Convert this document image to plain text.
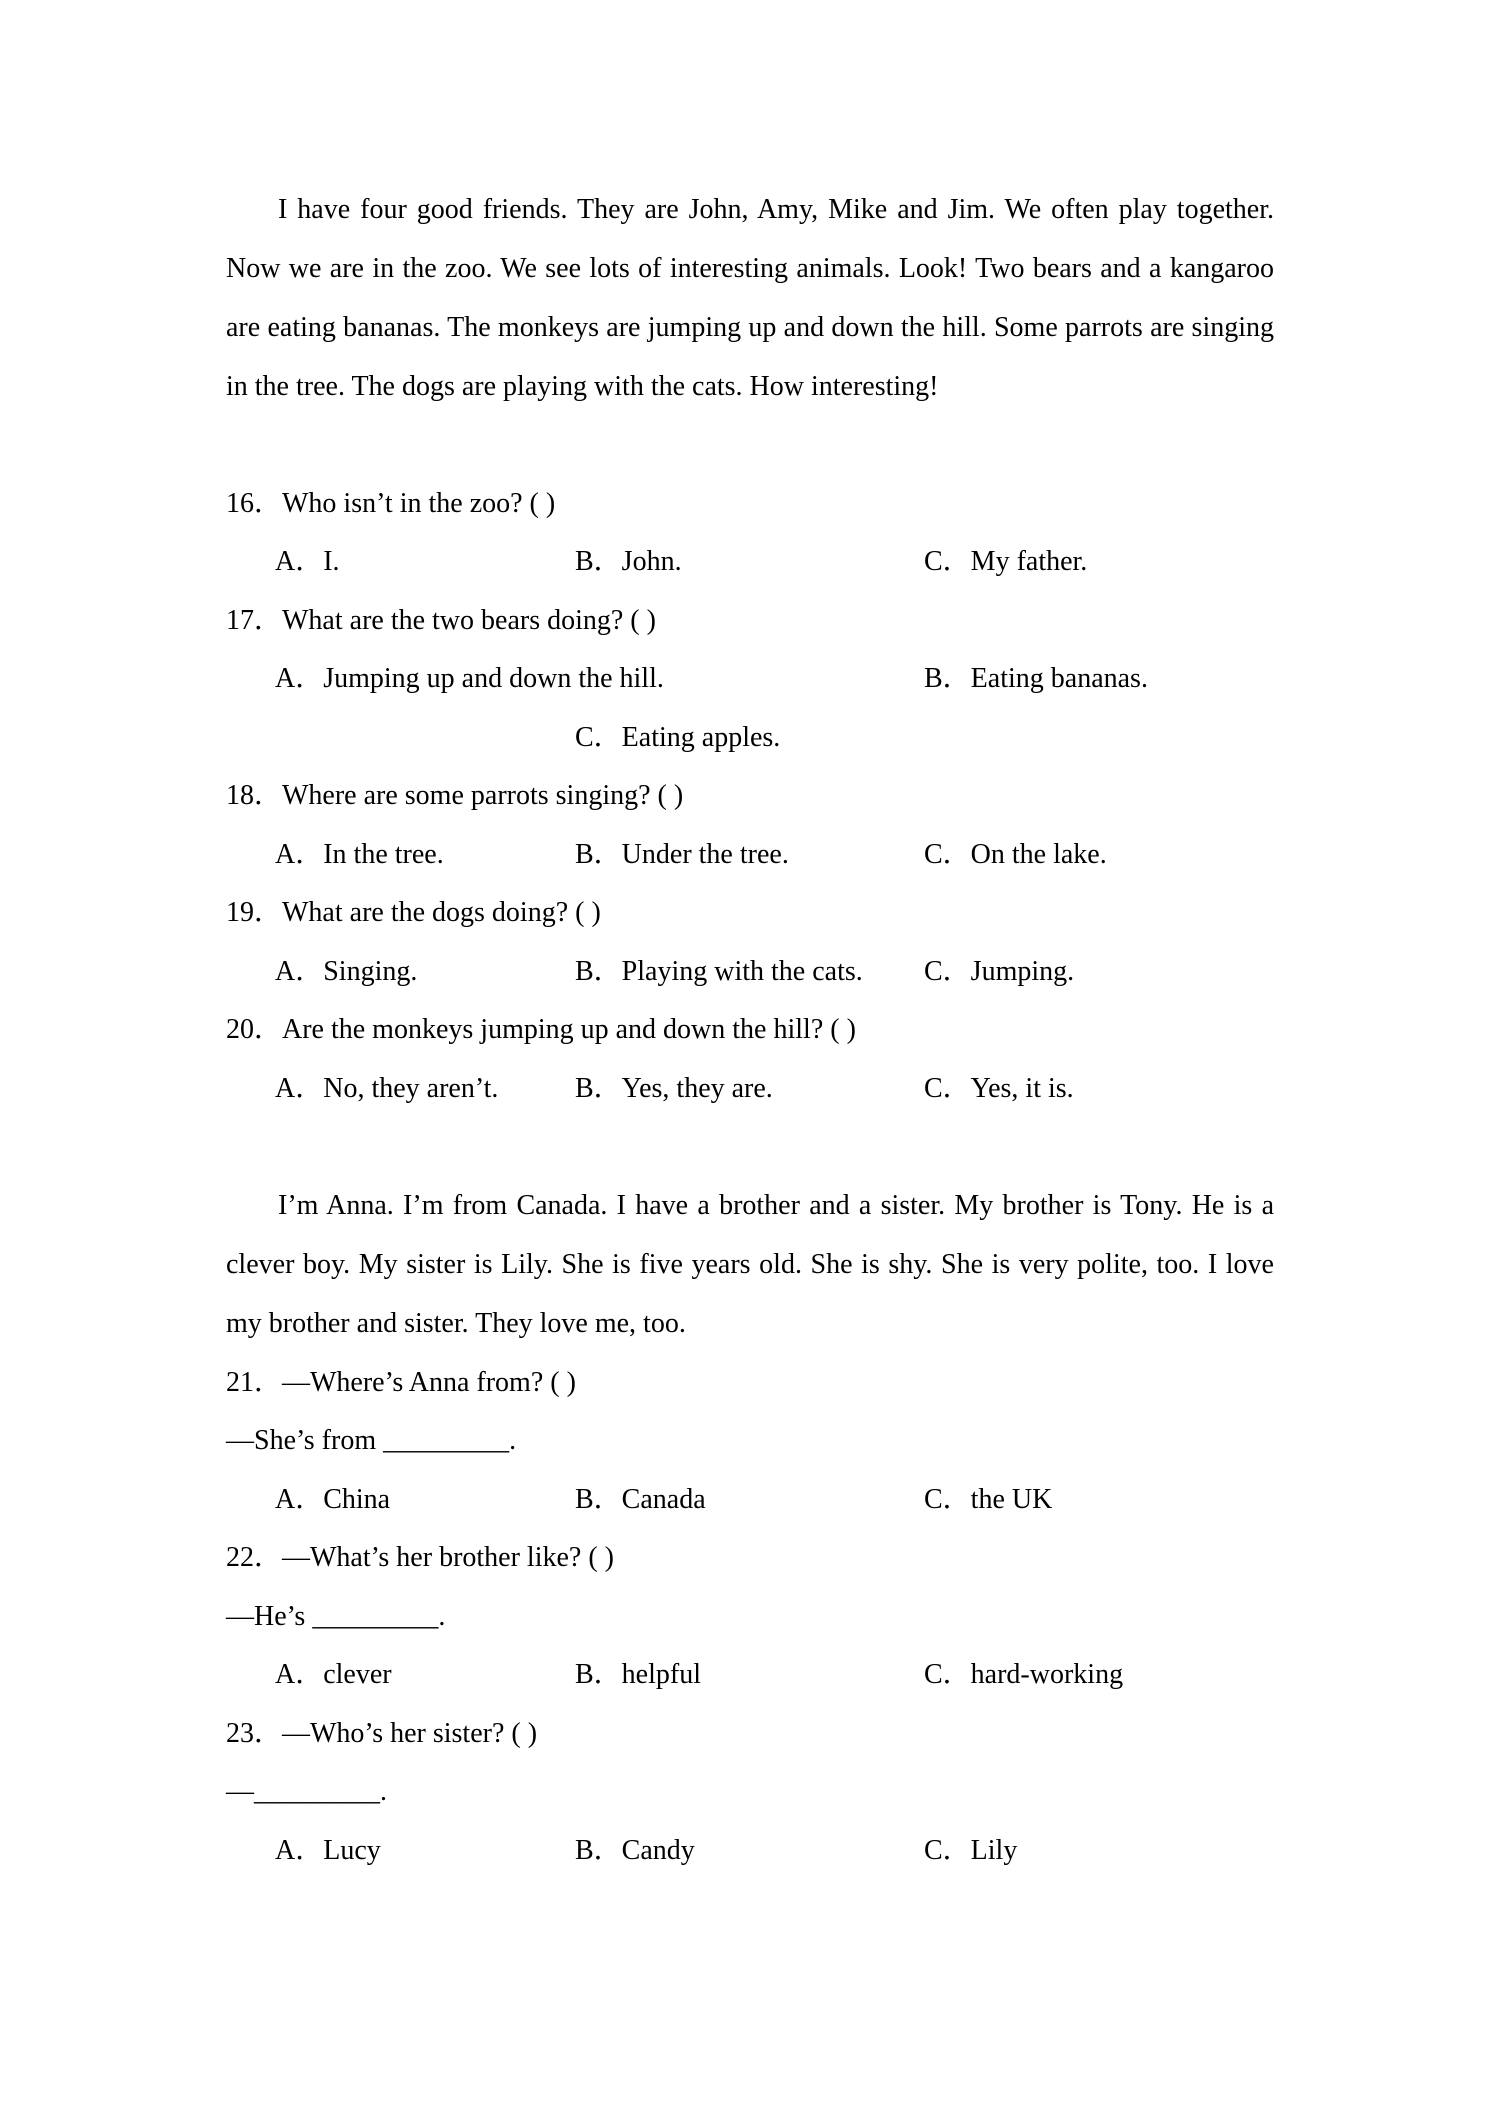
I have four good friends. They are John, Amy, Mike and Jim. We often play together. Now we are in the zoo. We see lots of interesting animals. Look! Two bears and a kangaroo are eating bananas. The monkeys are jumping up and down the hill. Some parrots are singing in the tree. The dogs are playing with the cats. How interesting!

16．Who isn’t in the zoo? ( )

A．I.	B．John.	C．My father.

17．What are the two bears doing? ( )

A．Jumping up and down the hill.	B．Eating bananas.

C．Eating apples.

18．Where are some parrots singing? ( )

A．In the tree.	B．Under the tree.	C．On the lake.

19．What are the dogs doing? ( )

A．Singing.	B．Playing with the cats. C．Jumping.

20．Are the monkeys jumping up and down the hill? ( )

A．No, they aren’t.	B．Yes, they are.	C．Yes, it is.

I’m Anna. I’m from Canada. I have a brother and a sister. My brother is Tony. He is a clever boy. My sister is Lily. She is five years old. She is shy. She is very polite, too. I love my brother and sister. They love me, too.

21．—Where’s Anna from? ( )

—She’s from _________.

A．China	B．Canada	C．the UK

22．—What’s her brother like? ( )

—He’s _________.

A．clever	B．helpful	C．hard-working

23．—Who’s her sister? ( )

—_________.

A．Lucy	B．Candy	C．Lily
